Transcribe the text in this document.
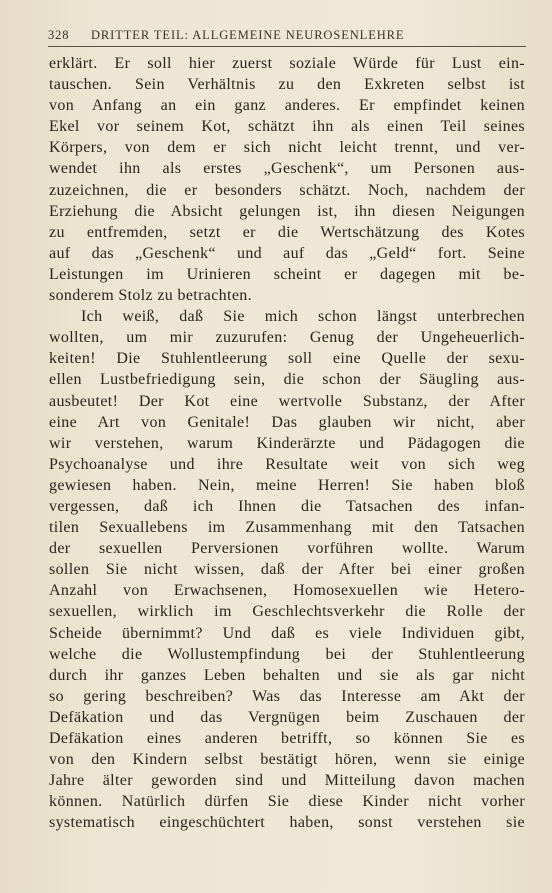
328 DRITTER TEIL: ALLGEMEINE NEUROSENLEHRE
erklärt. Er soll hier zuerst soziale Würde für Lust ein-
tauschen. Sein Verhältnis zu den Exkreten selbst ist
von Anfang an ein ganz anderes. Er empfindet keinen
Ekel vor seinem Kot, schätzt ihn als einen Teil seines
Körpers, von dem er sich nicht leicht trennt, und ver-
wendet ihn als erstes „Geschenk“, um Personen aus-
zuzeichnen, die er besonders schätzt. Noch, nachdem der
Erziehung die Absicht gelungen ist, ihn diesen Neigungen
zu entfremden, setzt er die Wertschätzung des Kotes
auf das „Geschenk“ und auf das „Geld“ fort. Seine
Leistungen im Urinieren scheint er dagegen mit be-
sonderem Stolz zu betrachten.
Ich weiß, daß Sie mich schon längst unterbrechen
wollten, um mir zuzurufen: Genug der Ungeheuerlich-
keiten! Die Stuhlentleerung soll eine Quelle der sexu-
ellen Lustbefriedigung sein, die schon der Säugling aus-
ausbeutet! Der Kot eine wertvolle Substanz, der After
eine Art von Genitale! Das glauben wir nicht, aber
wir verstehen, warum Kinderärzte und Pädagogen die
Psychoanalyse und ihre Resultate weit von sich weg
gewiesen haben. Nein, meine Herren! Sie haben bloß
vergessen, daß ich Ihnen die Tatsachen des infan-
tilen Sexuallebens im Zusammenhang mit den Tatsachen
der sexuellen Perversionen vorführen wollte. Warum
sollen Sie nicht wissen, daß der After bei einer großen
Anzahl von Erwachsenen, Homosexuellen wie Hetero-
sexuellen, wirklich im Geschlechtsverkehr die Rolle der
Scheide übernimmt? Und daß es viele Individuen gibt,
welche die Wollustempfindung bei der Stuhlentleerung
durch ihr ganzes Leben behalten und sie als gar nicht
so gering beschreiben? Was das Interesse am Akt der
Defäkation und das Vergnügen beim Zuschauen der
Defäkation eines anderen betrifft, so können Sie es
von den Kindern selbst bestätigt hören, wenn sie einige
Jahre älter geworden sind und Mitteilung davon machen
können. Natürlich dürfen Sie diese Kinder nicht vorher
systematisch eingeschüchtert haben, sonst verstehen sie
